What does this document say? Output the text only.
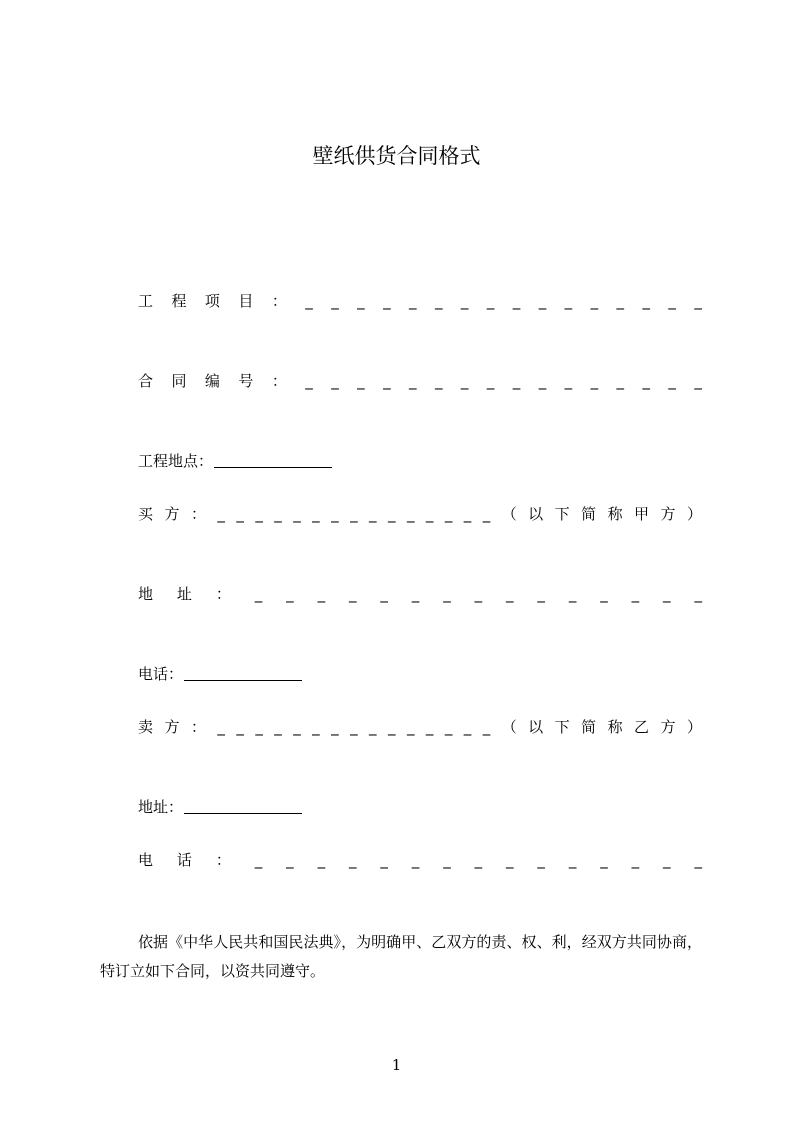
壁纸供货合同格式
工 程 项 目 ： _ _ _ _ _ _ _ _ _ _ _ _ _ _ _ _
合 同 编 号 ： _ _ _ _ _ _ _ _ _ _ _ _ _ _ _ _
工程地点：
买 方 ： _ _ _ _ _ _ _ _ _ _ _ _ _ _ _ （ 以 下 简 称 甲 方 ）
地 址 ： _ _ _ _ _ _ _ _ _ _ _ _ _ _ _
电话：
卖 方 ： _ _ _ _ _ _ _ _ _ _ _ _ _ _ _ （ 以 下 简 称 乙 方 ）
地址：
电 话 ： _ _ _ _ _ _ _ _ _ _ _ _ _ _ _
依据《中华人民共和国民法典》，为明确甲、乙双方的责、权、利，经双方共同协商，特订立如下合同，以资共同遵守。
1
